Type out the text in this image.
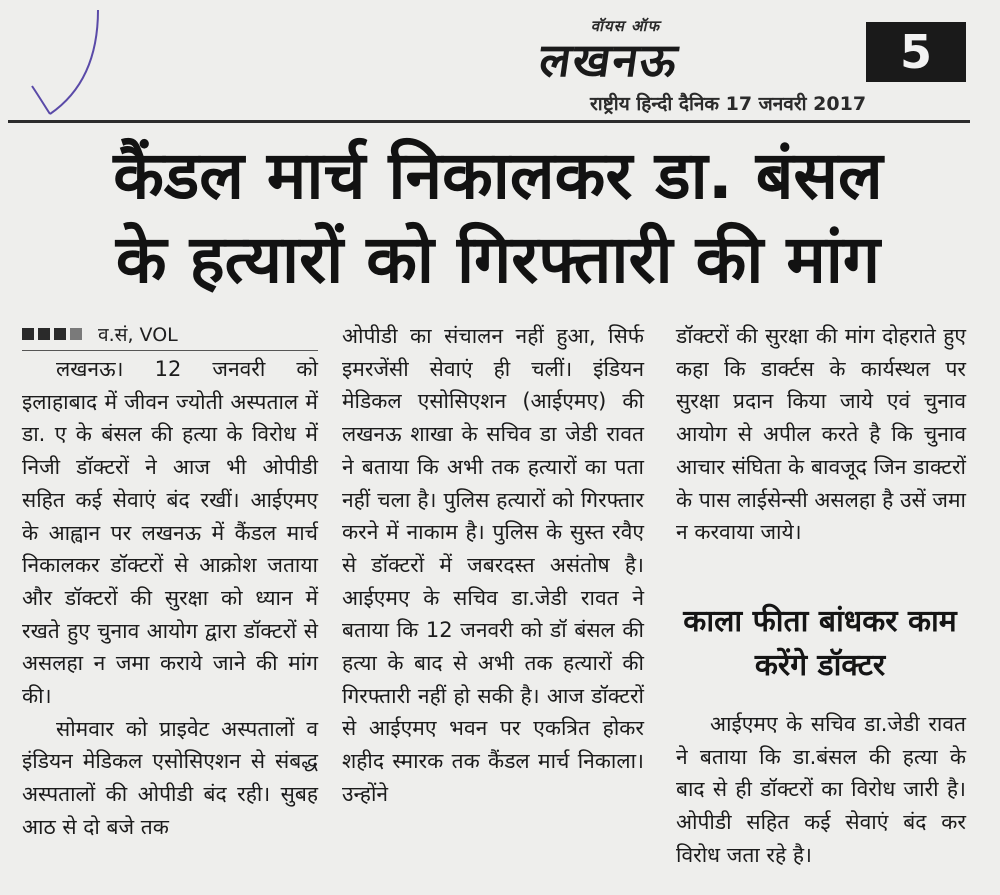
वॉयस ऑफ
लखनऊ	5
राष्ट्रीय हिन्दी दैनिक 17 जनवरी 2017
कैंडल मार्च निकालकर डा. बंसल
के हत्यारों को गिरफ्तारी की मांग
व.सं, VOL

लखनऊ। 12 जनवरी को इलाहाबाद में जीवन ज्योती अस्पताल में डा. ए के बंसल की हत्या के विरोध में निजी डॉक्टरों ने आज भी ओपीडी सहित कई सेवाएं बंद रखीं। आईएमए के आह्वान पर लखनऊ में कैंडल मार्च निकालकर डॉक्टरों से आक्रोश जताया और डॉक्टरों की सुरक्षा को ध्यान में रखते हुए चुनाव आयोग द्वारा डॉक्टरों से असलहा न जमा कराये जाने की मांग की।

सोमवार को प्राइवेट अस्पतालों व इंडियन मेडिकल एसोसिएशन से संबद्ध अस्पतालों की ओपीडी बंद रही। सुबह आठ से दो बजे तक

ओपीडी का संचालन नहीं हुआ, सिर्फ इमरजेंसी सेवाएं ही चलीं। इंडियन मेडिकल एसोसिएशन (आईएमए) की लखनऊ शाखा के सचिव डा जेडी रावत ने बताया कि अभी तक हत्यारों का पता नहीं चला है। पुलिस हत्यारों को गिरफ्तार करने में नाकाम है। पुलिस के सुस्त रवैए से डॉक्टरों में जबरदस्त असंतोष है। आईएमए के सचिव डा.जेडी रावत ने बताया कि 12 जनवरी को डॉ बंसल की हत्या के बाद से अभी तक हत्यारों की गिरफ्तारी नहीं हो सकी है। आज डॉक्टरों से आईएमए भवन पर एकत्रित होकर शहीद स्मारक तक कैंडल मार्च निकाला। उन्होंने

डॉक्टरों की सुरक्षा की मांग दोहराते हुए कहा कि डार्क्टस के कार्यस्थल पर सुरक्षा प्रदान किया जाये एवं चुनाव आयोग से अपील करते है कि चुनाव आचार संघिता के बावजूद जिन डाक्टरों के पास लाईसेन्सी असलहा है उसें जमा न करवाया जाये।

काला फीता बांधकर काम करेंगे डॉक्टर

आईएमए के सचिव डा.जेडी रावत ने बताया कि डा.बंसल की हत्या के बाद से ही डॉक्टरों का विरोध जारी है। ओपीडी सहित कई सेवाएं बंद कर विरोध जता रहे है।
